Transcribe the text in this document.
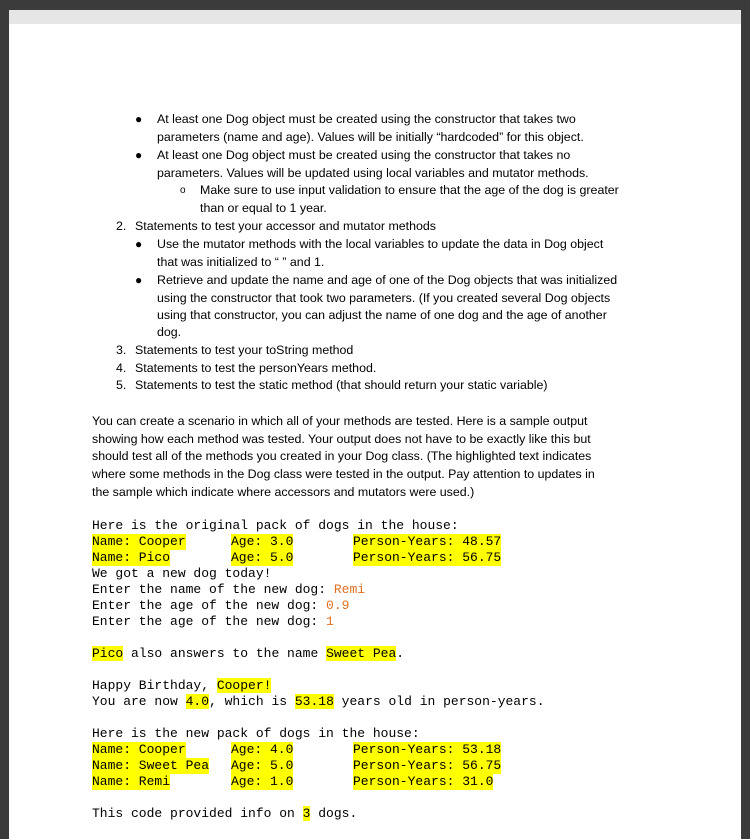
● At least one Dog object must be created using the constructor that takes two
parameters (name and age). Values will be initially “hardcoded” for this object.
● At least one Dog object must be created using the constructor that takes no
parameters. Values will be updated using local variables and mutator methods.
o Make sure to use input validation to ensure that the age of the dog is greater
than or equal to 1 year.
2. Statements to test your accessor and mutator methods
● Use the mutator methods with the local variables to update the data in Dog object
that was initialized to “ ” and 1.
● Retrieve and update the name and age of one of the Dog objects that was initialized
using the constructor that took two parameters. (If you created several Dog objects
using that constructor, you can adjust the name of one dog and the age of another
dog.
3. Statements to test your toString method
4. Statements to test the personYears method.
5. Statements to test the static method (that should return your static variable)
You can create a scenario in which all of your methods are tested. Here is a sample output
showing how each method was tested. Your output does not have to be exactly like this but
should test all of the methods you created in your Dog class. (The highlighted text indicates
where some methods in the Dog class were tested in the output. Pay attention to updates in
the sample which indicate where accessors and mutators were used.)
Here is the original pack of dogs in the house:
Name: Cooper	Age: 3.0	Person-Years: 48.57
Name: Pico	Age: 5.0	Person-Years: 56.75
We got a new dog today!
Enter the name of the new dog: Remi
Enter the age of the new dog: 0.9
Enter the age of the new dog: 1
Pico also answers to the name Sweet Pea.
Happy Birthday, Cooper!
You are now 4.0, which is 53.18 years old in person-years.
Here is the new pack of dogs in the house:
Name: Cooper	Age: 4.0	Person-Years: 53.18
Name: Sweet Pea Age: 5.0	Person-Years: 56.75
Name: Remi	Age: 1.0	Person-Years: 31.0
This code provided info on 3 dogs.
